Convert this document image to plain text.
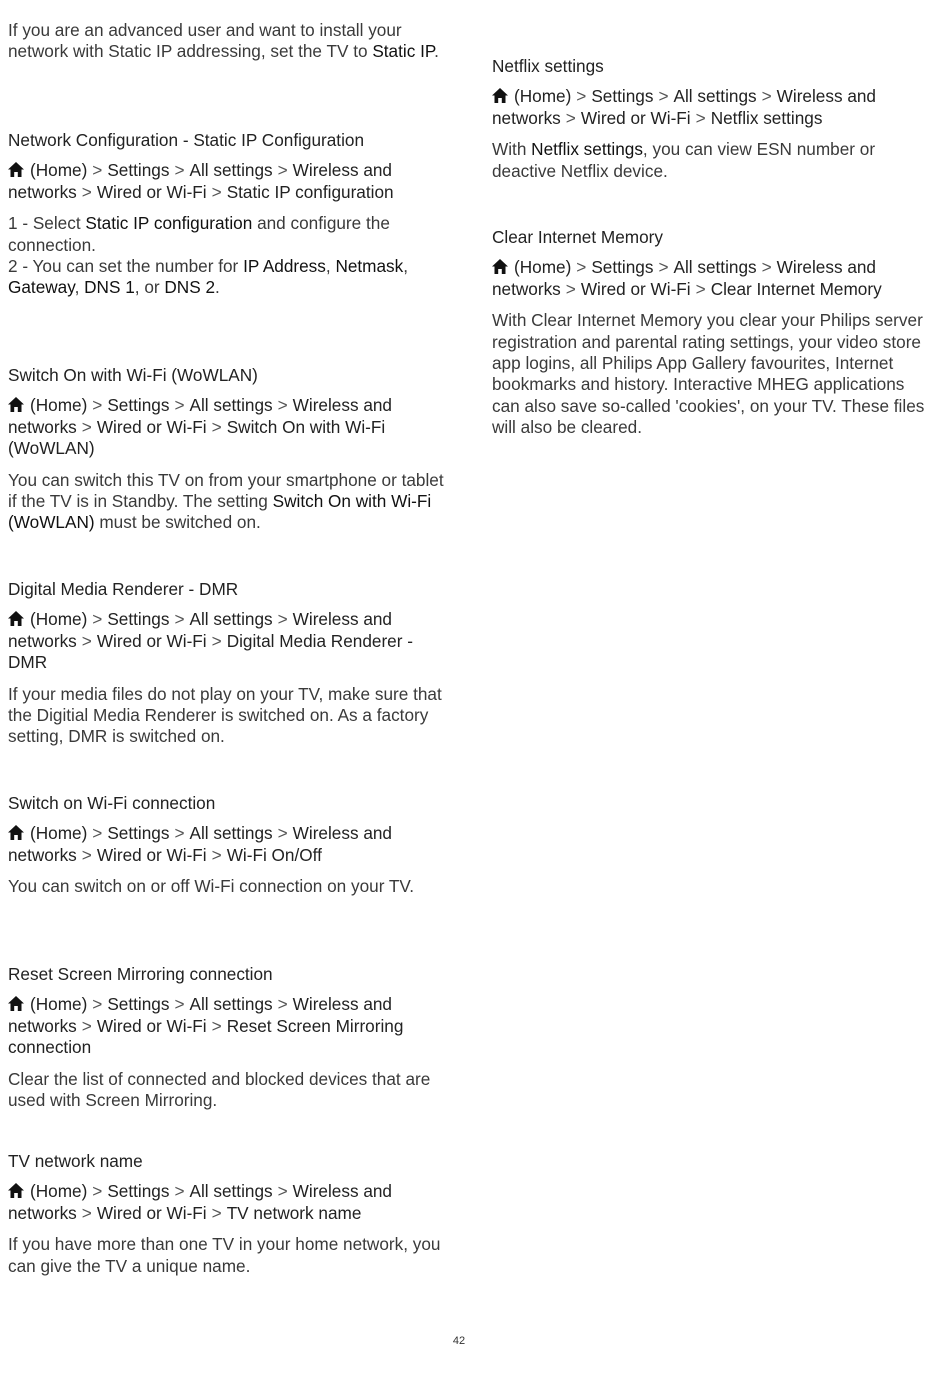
If you are an advanced user and want to install your network with Static IP addressing, set the TV to Static IP.
Network Configuration - Static IP Configuration
(Home) > Settings > All settings > Wireless and networks > Wired or Wi-Fi > Static IP configuration
1 - Select Static IP configuration and configure the connection.
2 - You can set the number for IP Address, Netmask, Gateway, DNS 1, or DNS 2.
Switch On with Wi-Fi (WoWLAN)
(Home) > Settings > All settings > Wireless and networks > Wired or Wi-Fi > Switch On with Wi-Fi (WoWLAN)
You can switch this TV on from your smartphone or tablet if the TV is in Standby. The setting Switch On with Wi-Fi (WoWLAN) must be switched on.
Digital Media Renderer - DMR
(Home) > Settings > All settings > Wireless and networks > Wired or Wi-Fi > Digital Media Renderer - DMR
If your media files do not play on your TV, make sure that the Digitial Media Renderer is switched on. As a factory setting, DMR is switched on.
Switch on Wi-Fi connection
(Home) > Settings > All settings > Wireless and networks > Wired or Wi-Fi > Wi-Fi On/Off
You can switch on or off Wi-Fi connection on your TV.
Reset Screen Mirroring connection
(Home) > Settings > All settings > Wireless and networks > Wired or Wi-Fi > Reset Screen Mirroring connection
Clear the list of connected and blocked devices that are used with Screen Mirroring.
TV network name
(Home) > Settings > All settings > Wireless and networks > Wired or Wi-Fi > TV network name
If you have more than one TV in your home network, you can give the TV a unique name.
Netflix settings
(Home) > Settings > All settings > Wireless and networks > Wired or Wi-Fi > Netflix settings
With Netflix settings, you can view ESN number or deactive Netflix device.
Clear Internet Memory
(Home) > Settings > All settings > Wireless and networks > Wired or Wi-Fi > Clear Internet Memory
With Clear Internet Memory you clear your Philips server registration and parental rating settings, your video store app logins, all Philips App Gallery favourites, Internet bookmarks and history. Interactive MHEG applications can also save so-called 'cookies', on your TV. These files will also be cleared.
42
